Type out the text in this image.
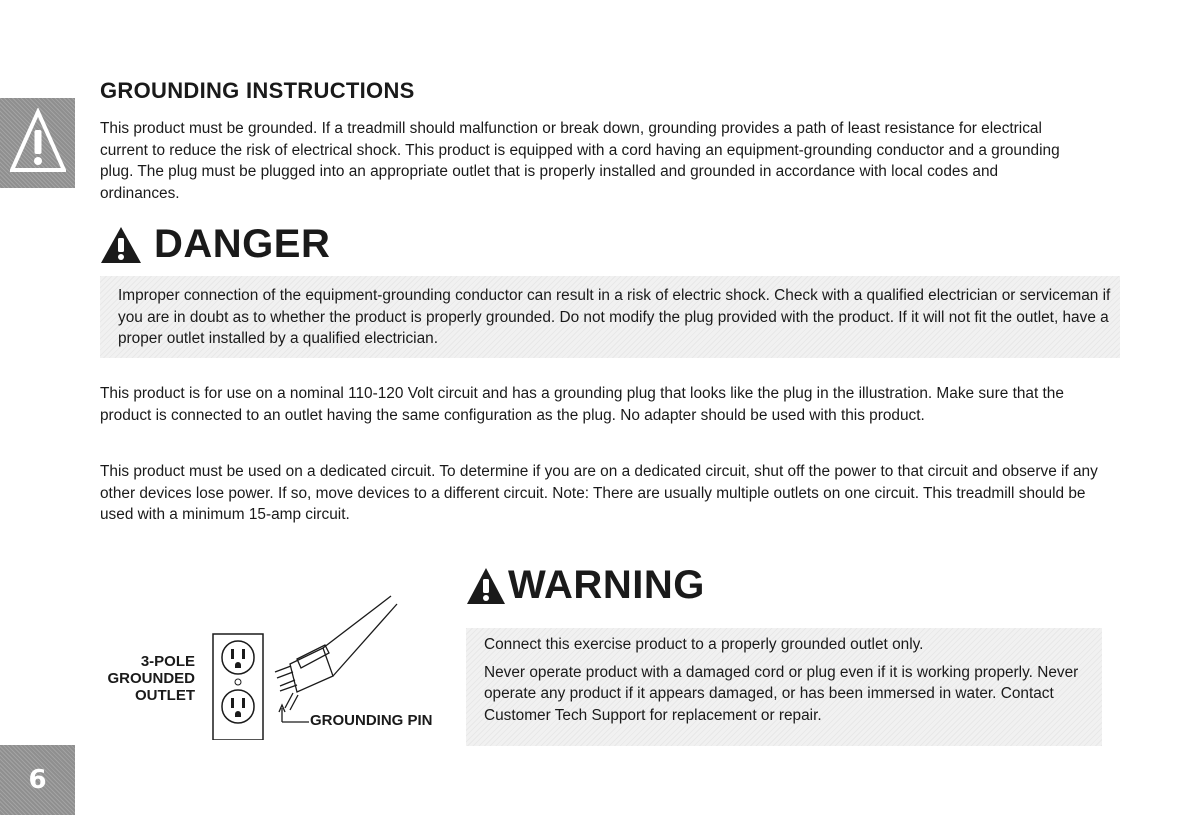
6
GROUNDING INSTRUCTIONS

This product must be grounded. If a treadmill should malfunction or break down, grounding provides a path of least resistance for electrical current to reduce the risk of electrical shock. This product is equipped with a cord having an equipment-grounding conductor and a grounding plug. The plug must be plugged into an appropriate outlet that is properly installed and grounded in accordance with local codes and ordinances.

DANGER

Improper connection of the equipment-grounding conductor can result in a risk of electric shock. Check with a qualified electrician or serviceman if you are in doubt as to whether the product is properly grounded. Do not modify the plug provided with the product. If it will not fit the outlet, have a proper outlet installed by a qualified electrician.

This product is for use on a nominal 110-120 Volt circuit and has a grounding plug that looks like the plug in the illustration. Make sure that the product is connected to an outlet having the same configuration as the plug. No adapter should be used with this product.

This product must be used on a dedicated circuit. To determine if you are on a dedicated circuit, shut off the power to that circuit and observe if any other devices lose power. If so, move devices to a different circuit. Note: There are usually multiple outlets on one circuit. This treadmill should be used with a minimum 15-amp circuit.

3-POLE
GROUNDED
OUTLET
GROUNDING PIN
WARNING

Connect this exercise product to a properly grounded outlet only.

Never operate product with a damaged cord or plug even if it is working properly. Never operate any product if it appears damaged, or has been immersed in water. Contact Customer Tech Support for replacement or repair.
